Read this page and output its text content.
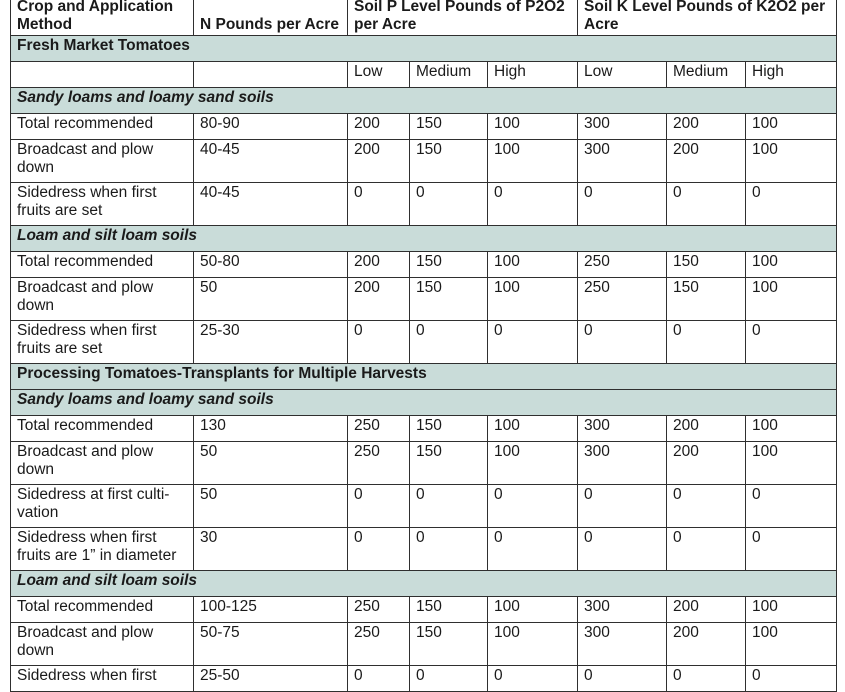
Crop and Application Method	N Pounds per Acre	Soil P Level Pounds of P2O2 per Acre			Soil K Level Pounds of K2O2 per Acre		
Fresh Market Tomatoes							
		Low	Medium	High	Low	Medium	High
Sandy loams and loamy sand soils							
Total recommended	80-90	200	150	100	300	200	100
Broadcast and plow down	40-45	200	150	100	300	200	100
Sidedress when first fruits are set	40-45	0	0	0	0	0	0
Loam and silt loam soils							
Total recommended	50-80	200	150	100	250	150	100
Broadcast and plow down	50	200	150	100	250	150	100
Sidedress when first fruits are set	25-30	0	0	0	0	0	0
Processing Tomatoes-Transplants for Multiple Harvests							
Sandy loams and loamy sand soils							
Total recommended	130	250	150	100	300	200	100
Broadcast and plow down	50	250	150	100	300	200	100
Sidedress at first culti-vation	50	0	0	0	0	0	0
Sidedress when first fruits are 1” in diameter	30	0	0	0	0	0	0
Loam and silt loam soils							
Total recommended	100-125	250	150	100	300	200	100
Broadcast and plow down	50-75	250	150	100	300	200	100
Sidedress when first	25-50	0	0	0	0	0	0
